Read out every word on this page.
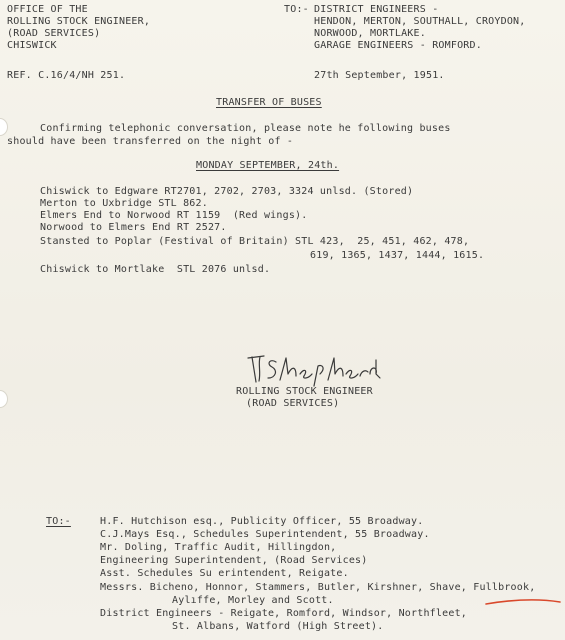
OFFICE OF THE
ROLLING STOCK ENGINEER,
(ROAD SERVICES)
CHISWICK
TO:- DISTRICT ENGINEERS -
HENDON, MERTON, SOUTHALL, CROYDON,
NORWOOD, MORTLAKE.
GARAGE ENGINEERS - ROMFORD.
REF. C.16/4/NH 251.	27th September, 1951.
TRANSFER OF BUSES
Confirming telephonic conversation, please note he following buses
should have been transferred on the night of -
MONDAY SEPTEMBER, 24th.
Chiswick to Edgware RT2701, 2702, 2703, 3324 unlsd. (Stored)
Merton to Uxbridge STL 862.
Elmers End to Norwood RT 1159  (Red wings).
Norwood to Elmers End RT 2527.
Stansted to Poplar (Festival of Britain) STL 423,  25, 451, 462, 478,
619, 1365, 1437, 1444, 1615.
Chiswick to Mortlake  STL 2076 unlsd.
ROLLING STOCK ENGINEER
(ROAD SERVICES)
TO:-	H.F. Hutchison esq., Publicity Officer, 55 Broadway.
C.J.Mays Esq., Schedules Superintendent, 55 Broadway.
Mr. Doling, Traffic Audit, Hillingdon,
Engineering Superintendent, (Road Services)
Asst. Schedules Su erintendent, Reigate.
Messrs. Bicheno, Honnor, Stammers, Butler, Kirshner, Shave, Fullbrook,
Aylıffe, Morley and Scott.
District Engineers - Reigate, Romford, Windsor, Northfleet,
St. Albans, Watford (High Street).
